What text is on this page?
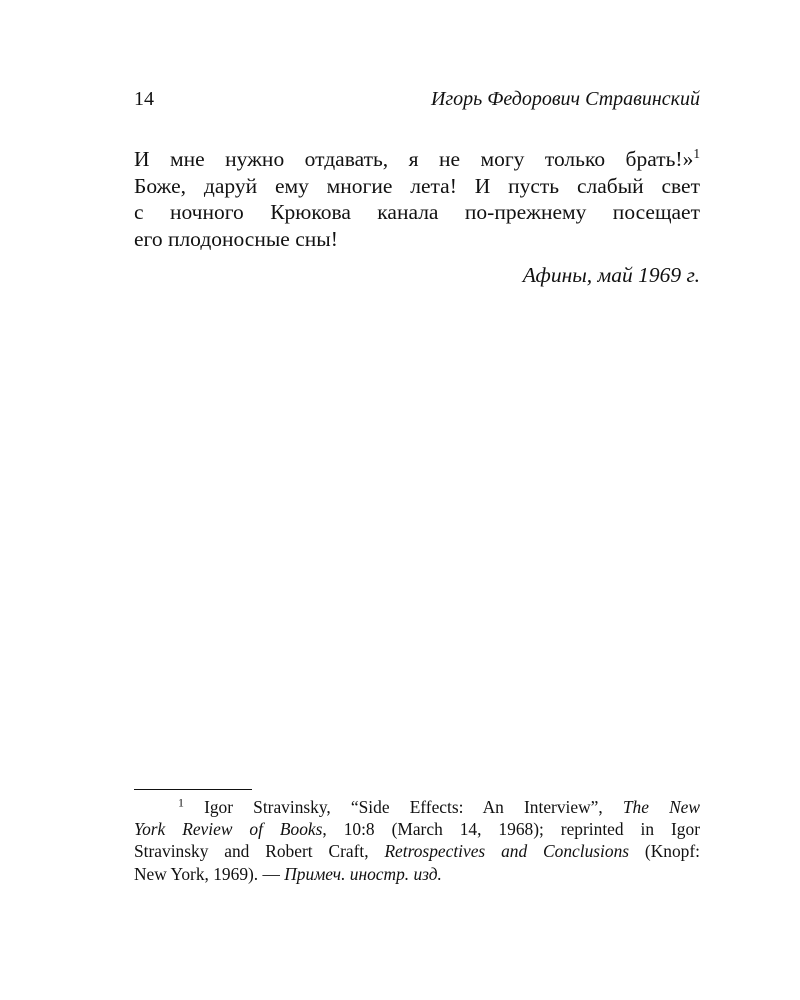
14	Игорь Федорович Стравинский
И мне нужно отдавать, я не могу только брать!»$^1$
Боже, даруй ему многие лета! И пусть слабый свет
с ночного Крюкова канала по-прежнему посещает
его плодоносные сны!
Афины, май 1969 г.
$^1$ Igor Stravinsky, “Side Effects: An Interview”, The New
York Review of Books, 10:8 (March 14, 1968); reprinted in Igor
Stravinsky and Robert Craft, Retrospectives and Conclusions (Knopf:
New York, 1969). — Примеч. иностр. изд.
